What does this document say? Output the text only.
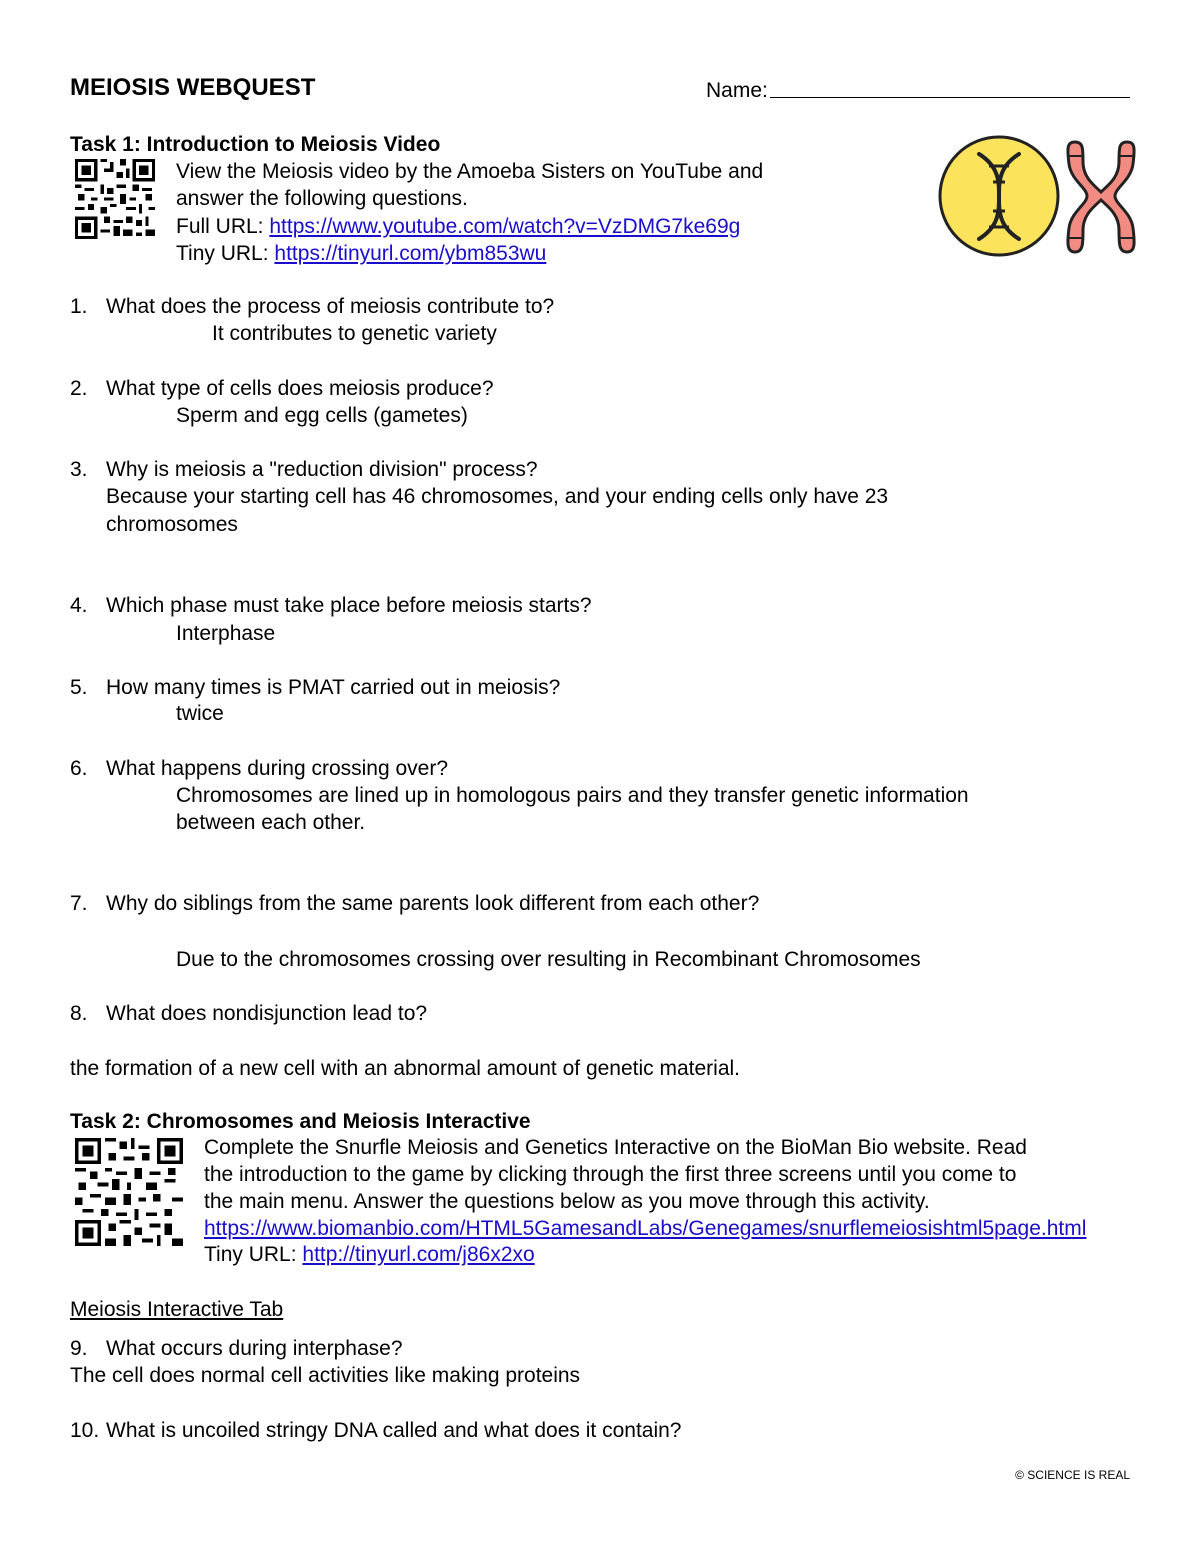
MEIOSIS WEBQUEST	Name:
Task 1: Introduction to Meiosis Video
View the Meiosis video by the Amoeba Sisters on YouTube and
answer the following questions.
Full URL: https://www.youtube.com/watch?v=VzDMG7ke69g
Tiny URL: https://tinyurl.com/ybm853wu
1. What does the process of meiosis contribute to?
It contributes to genetic variety
2. What type of cells does meiosis produce?
Sperm and egg cells (gametes)
3. Why is meiosis a "reduction division" process?
Because your starting cell has 46 chromosomes, and your ending cells only have 23
chromosomes
4. Which phase must take place before meiosis starts?
Interphase
5. How many times is PMAT carried out in meiosis?
twice
6. What happens during crossing over?
Chromosomes are lined up in homologous pairs and they transfer genetic information
between each other.
7. Why do siblings from the same parents look different from each other?
Due to the chromosomes crossing over resulting in Recombinant Chromosomes
8. What does nondisjunction lead to?
the formation of a new cell with an abnormal amount of genetic material.
Task 2: Chromosomes and Meiosis Interactive
Complete the Snurfle Meiosis and Genetics Interactive on the BioMan Bio website. Read
the introduction to the game by clicking through the first three screens until you come to
the main menu. Answer the questions below as you move through this activity.
https://www.biomanbio.com/HTML5GamesandLabs/Genegames/snurflemeiosishtml5page.html
Tiny URL: http://tinyurl.com/j86x2xo
Meiosis Interactive Tab
9. What occurs during interphase?
The cell does normal cell activities like making proteins
10. What is uncoiled stringy DNA called and what does it contain?
© SCIENCE IS REAL
